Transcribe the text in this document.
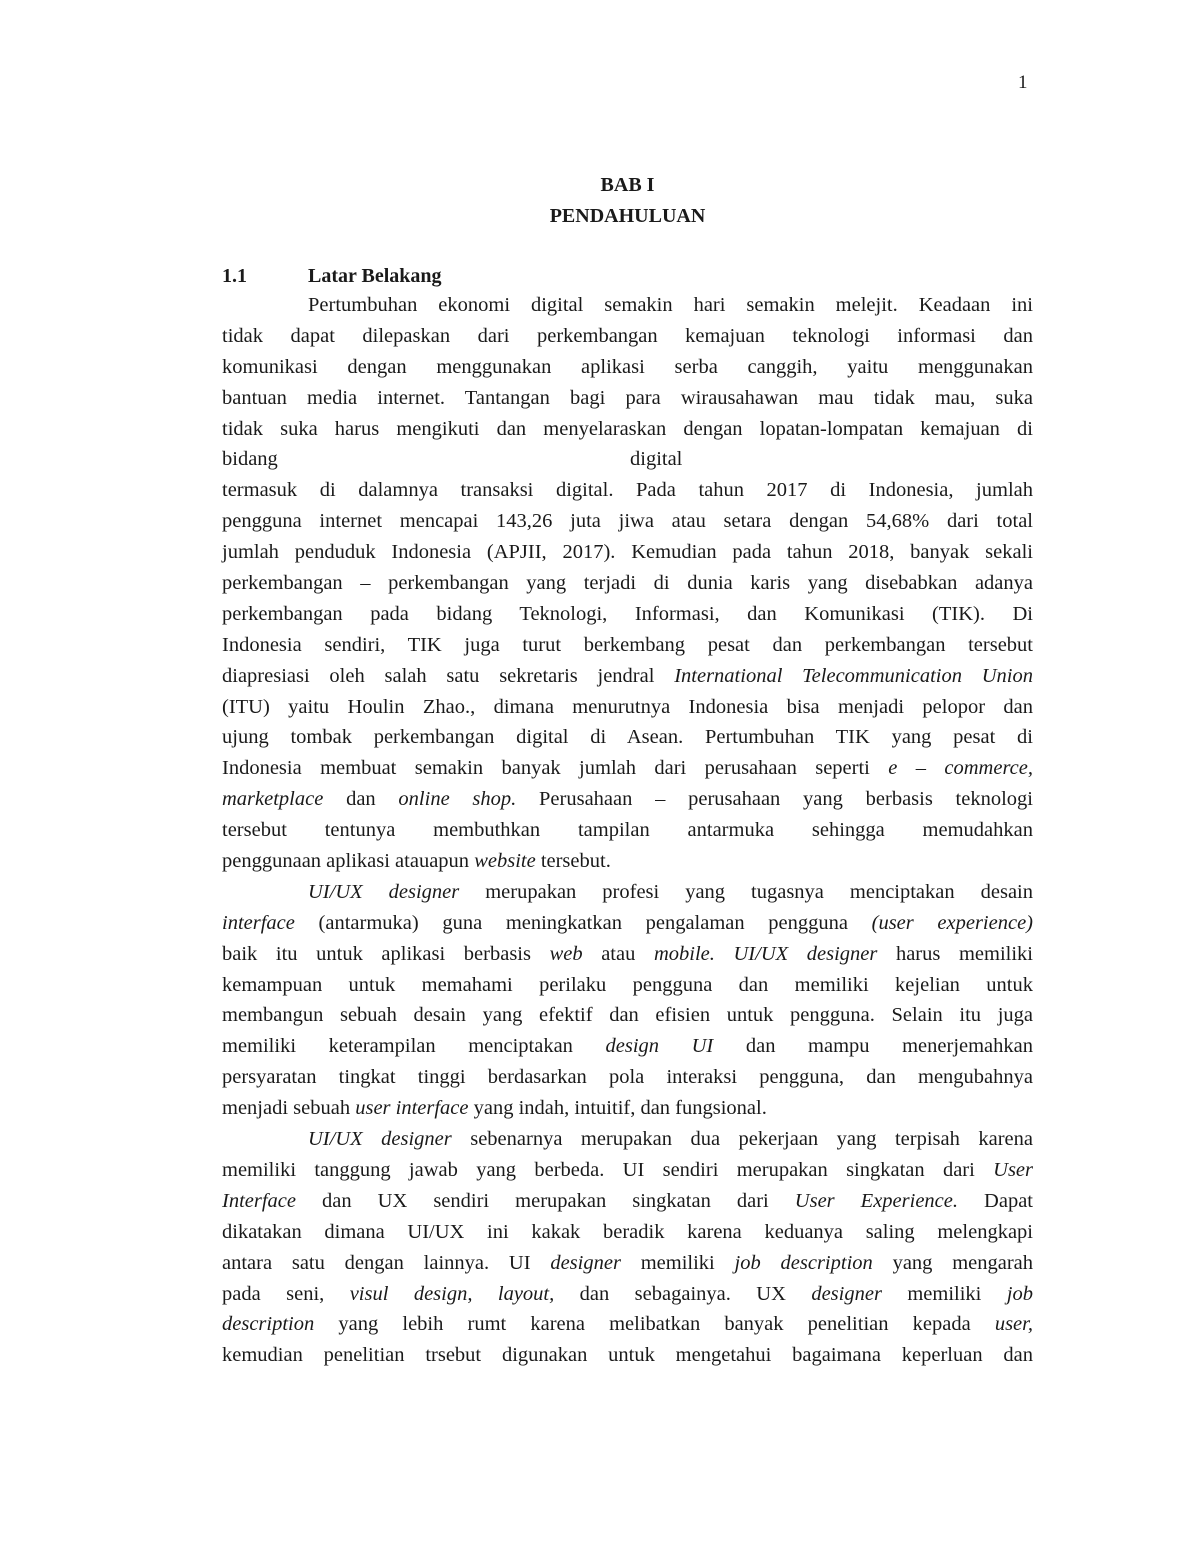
1
BAB I
PENDAHULUAN
1.1	Latar Belakang
Pertumbuhan ekonomi digital semakin hari semakin melejit. Keadaan ini
tidak dapat dilepaskan dari perkembangan kemajuan teknologi informasi dan
komunikasi dengan menggunakan aplikasi serba canggih, yaitu menggunakan
bantuan media internet. Tantangan bagi para wirausahawan mau tidak mau, suka
tidak suka harus mengikuti dan menyelaraskan dengan lopatan-lompatan kemajuan di
bidang	digital
termasuk di dalamnya transaksi digital. Pada tahun 2017 di Indonesia, jumlah
pengguna internet mencapai 143,26 juta jiwa atau setara dengan 54,68% dari total
jumlah penduduk Indonesia (APJII, 2017). Kemudian pada tahun 2018, banyak sekali
perkembangan – perkembangan yang terjadi di dunia karis yang disebabkan adanya
perkembangan pada bidang Teknologi, Informasi, dan Komunikasi (TIK). Di
Indonesia sendiri, TIK juga turut berkembang pesat dan perkembangan tersebut
diapresiasi oleh salah satu sekretaris jendral International Telecommunication Union
(ITU) yaitu Houlin Zhao., dimana menurutnya Indonesia bisa menjadi pelopor dan
ujung tombak perkembangan digital di Asean. Pertumbuhan TIK yang pesat di
Indonesia membuat semakin banyak jumlah dari perusahaan seperti e – commerce,
marketplace dan online shop. Perusahaan – perusahaan yang berbasis teknologi
tersebut tentunya membuthkan tampilan antarmuka sehingga memudahkan
penggunaan aplikasi atauapun website tersebut.
UI/UX designer merupakan profesi yang tugasnya menciptakan desain
interface (antarmuka) guna meningkatkan pengalaman pengguna (user experience)
baik itu untuk aplikasi berbasis web atau mobile. UI/UX designer harus memiliki
kemampuan untuk memahami perilaku pengguna dan memiliki kejelian untuk
membangun sebuah desain yang efektif dan efisien untuk pengguna. Selain itu juga
memiliki keterampilan menciptakan design UI dan mampu menerjemahkan
persyaratan tingkat tinggi berdasarkan pola interaksi pengguna, dan mengubahnya
menjadi sebuah user interface yang indah, intuitif, dan fungsional.
UI/UX designer sebenarnya merupakan dua pekerjaan yang terpisah karena
memiliki tanggung jawab yang berbeda. UI sendiri merupakan singkatan dari User
Interface dan UX sendiri merupakan singkatan dari User Experience. Dapat
dikatakan dimana UI/UX ini kakak beradik karena keduanya saling melengkapi
antara satu dengan lainnya. UI designer memiliki job description yang mengarah
pada seni, visul design, layout, dan sebagainya. UX designer memiliki job
description yang lebih rumt karena melibatkan banyak penelitian kepada user,
kemudian penelitian trsebut digunakan untuk mengetahui bagaimana keperluan dan
